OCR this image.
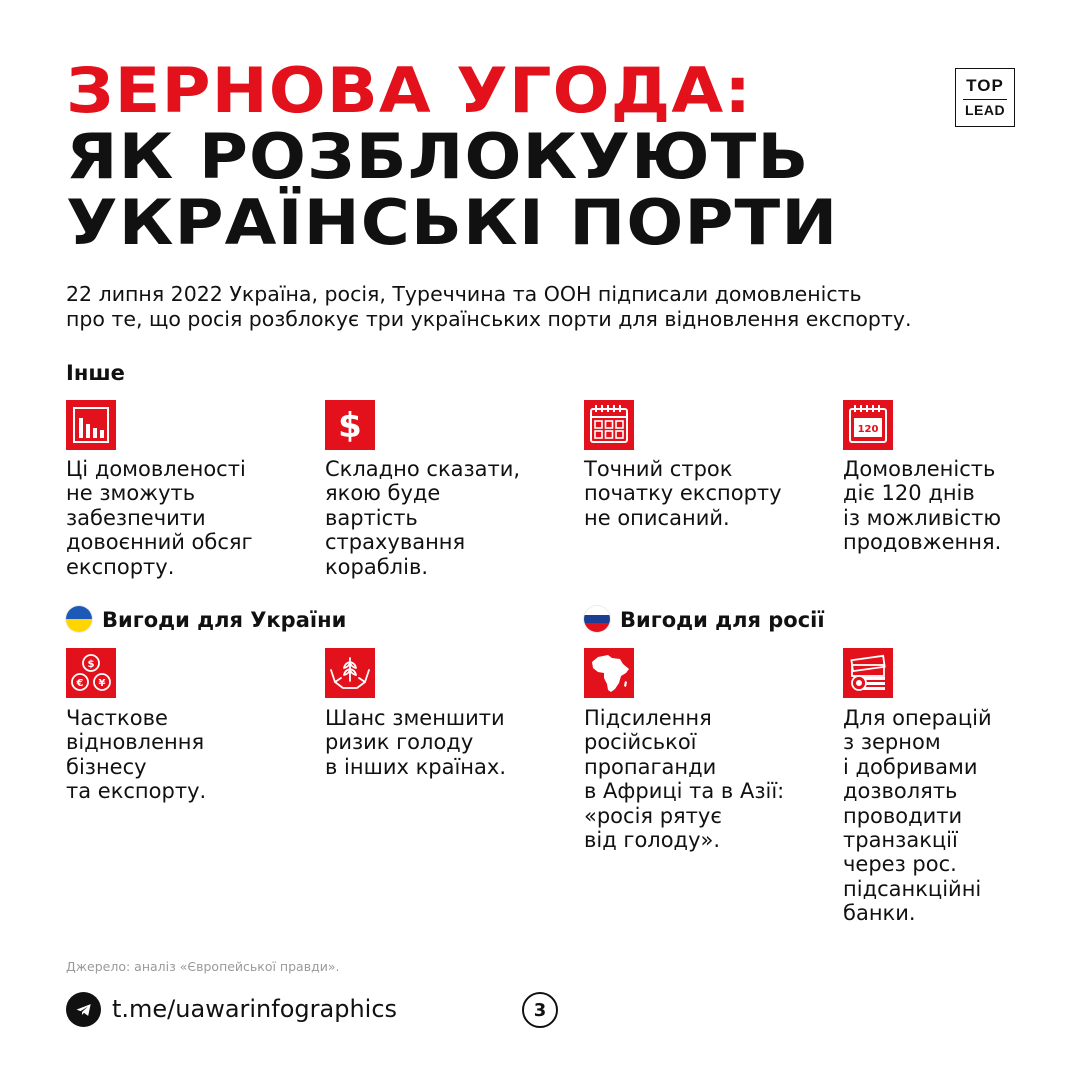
ЗЕРНОВА УГОДА:
ЯК РОЗБЛОКУЮТЬ
УКРАЇНСЬКІ ПОРТИ
TOP
LEAD
22 липня 2022 Україна, росія, Туреччина та ООН підписали домовленість
про те, що росія розблокує три українських порти для відновлення експорту.
Інше
$	120
Ці домовленості
не зможуть
забезпечити
довоєнний обсяг
експорту.
Складно сказати,
якою буде
вартість
страхування
кораблів.
Точний строк
початку експорту
не описаний.
Домовленість
діє 120 днів
із можливістю
продовження.
Вигоди для України	Вигоди для росії
$
€ ¥
Часткове
відновлення
бізнесу
та експорту.
Шанс зменшити
ризик голоду
в інших країнах.
Підсилення
російської
пропаганди
в Африці та в Азії:
«росія рятує
від голоду».
Для операцій
з зерном
і добривами
дозволять
проводити
транзакції
через рос.
підсанкційні
банки.
Джерело: аналіз «Європейської правди».
t.me/uawarinfographics	3
